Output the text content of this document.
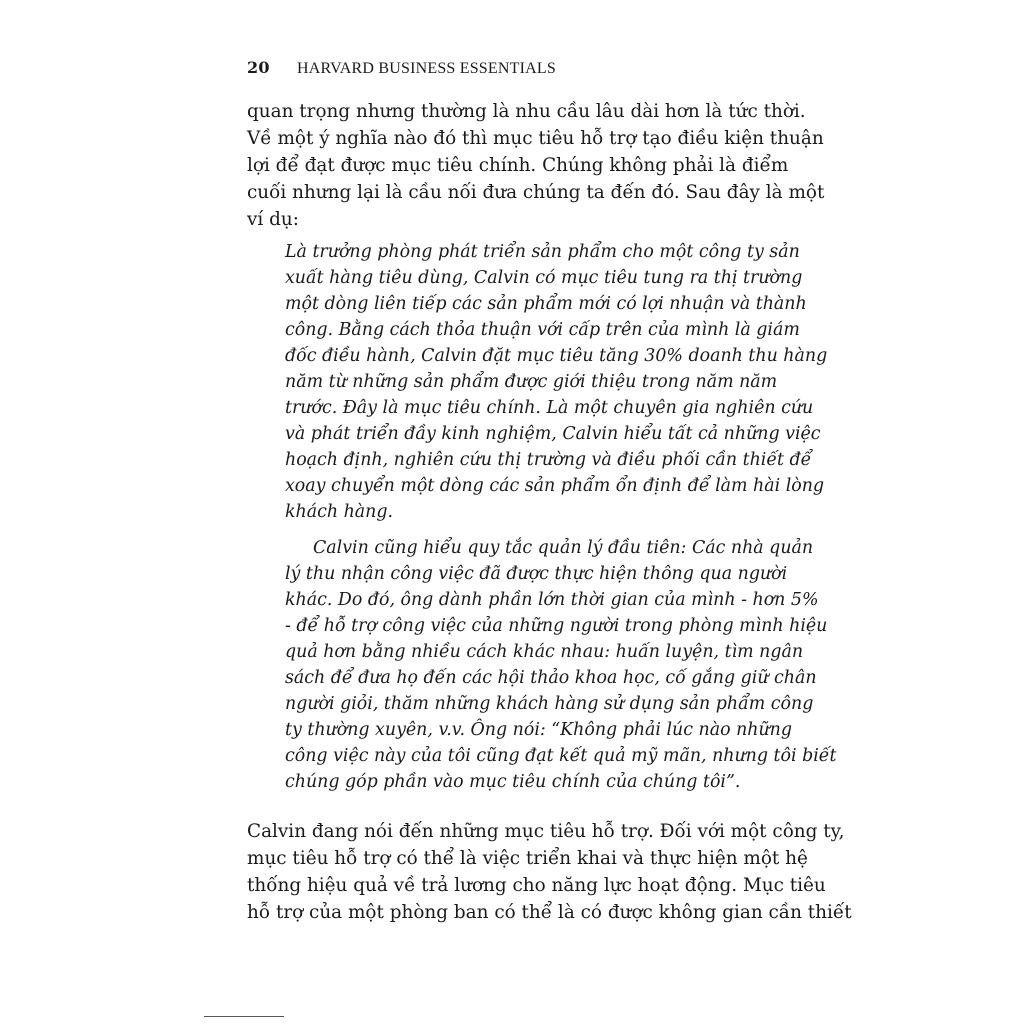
20 HARVARD BUSINESS ESSENTIALS
quan trọng nhưng thường là nhu cầu lâu dài hơn là tức thời.
Về một ý nghĩa nào đó thì mục tiêu hỗ trợ tạo điều kiện thuận
lợi để đạt được mục tiêu chính. Chúng không phải là điểm
cuối nhưng lại là cầu nối đưa chúng ta đến đó. Sau đây là một
ví dụ:
Là trưởng phòng phát triển sản phẩm cho một công ty sản
xuất hàng tiêu dùng, Calvin có mục tiêu tung ra thị trường
một dòng liên tiếp các sản phẩm mới có lợi nhuận và thành
công. Bằng cách thỏa thuận với cấp trên của mình là giám
đốc điều hành, Calvin đặt mục tiêu tăng 30% doanh thu hàng
năm từ những sản phẩm được giới thiệu trong năm năm
trước. Đây là mục tiêu chính. Là một chuyên gia nghiên cứu
và phát triển đầy kinh nghiệm, Calvin hiểu tất cả những việc
hoạch định, nghiên cứu thị trường và điều phối cần thiết để
xoay chuyển một dòng các sản phẩm ổn định để làm hài lòng
khách hàng.
Calvin cũng hiểu quy tắc quản lý đầu tiên: Các nhà quản
lý thu nhận công việc đã được thực hiện thông qua người
khác. Do đó, ông dành phần lớn thời gian của mình - hơn 5%
- để hỗ trợ công việc của những người trong phòng mình hiệu
quả hơn bằng nhiều cách khác nhau: huấn luyện, tìm ngân
sách để đưa họ đến các hội thảo khoa học, cố gắng giữ chân
người giỏi, thăm những khách hàng sử dụng sản phẩm công
ty thường xuyên, v.v. Ông nói: “Không phải lúc nào những
công việc này của tôi cũng đạt kết quả mỹ mãn, nhưng tôi biết
chúng góp phần vào mục tiêu chính của chúng tôi”.
Calvin đang nói đến những mục tiêu hỗ trợ. Đối với một công ty,
mục tiêu hỗ trợ có thể là việc triển khai và thực hiện một hệ
thống hiệu quả về trả lương cho năng lực hoạt động. Mục tiêu
hỗ trợ của một phòng ban có thể là có được không gian cần thiết
